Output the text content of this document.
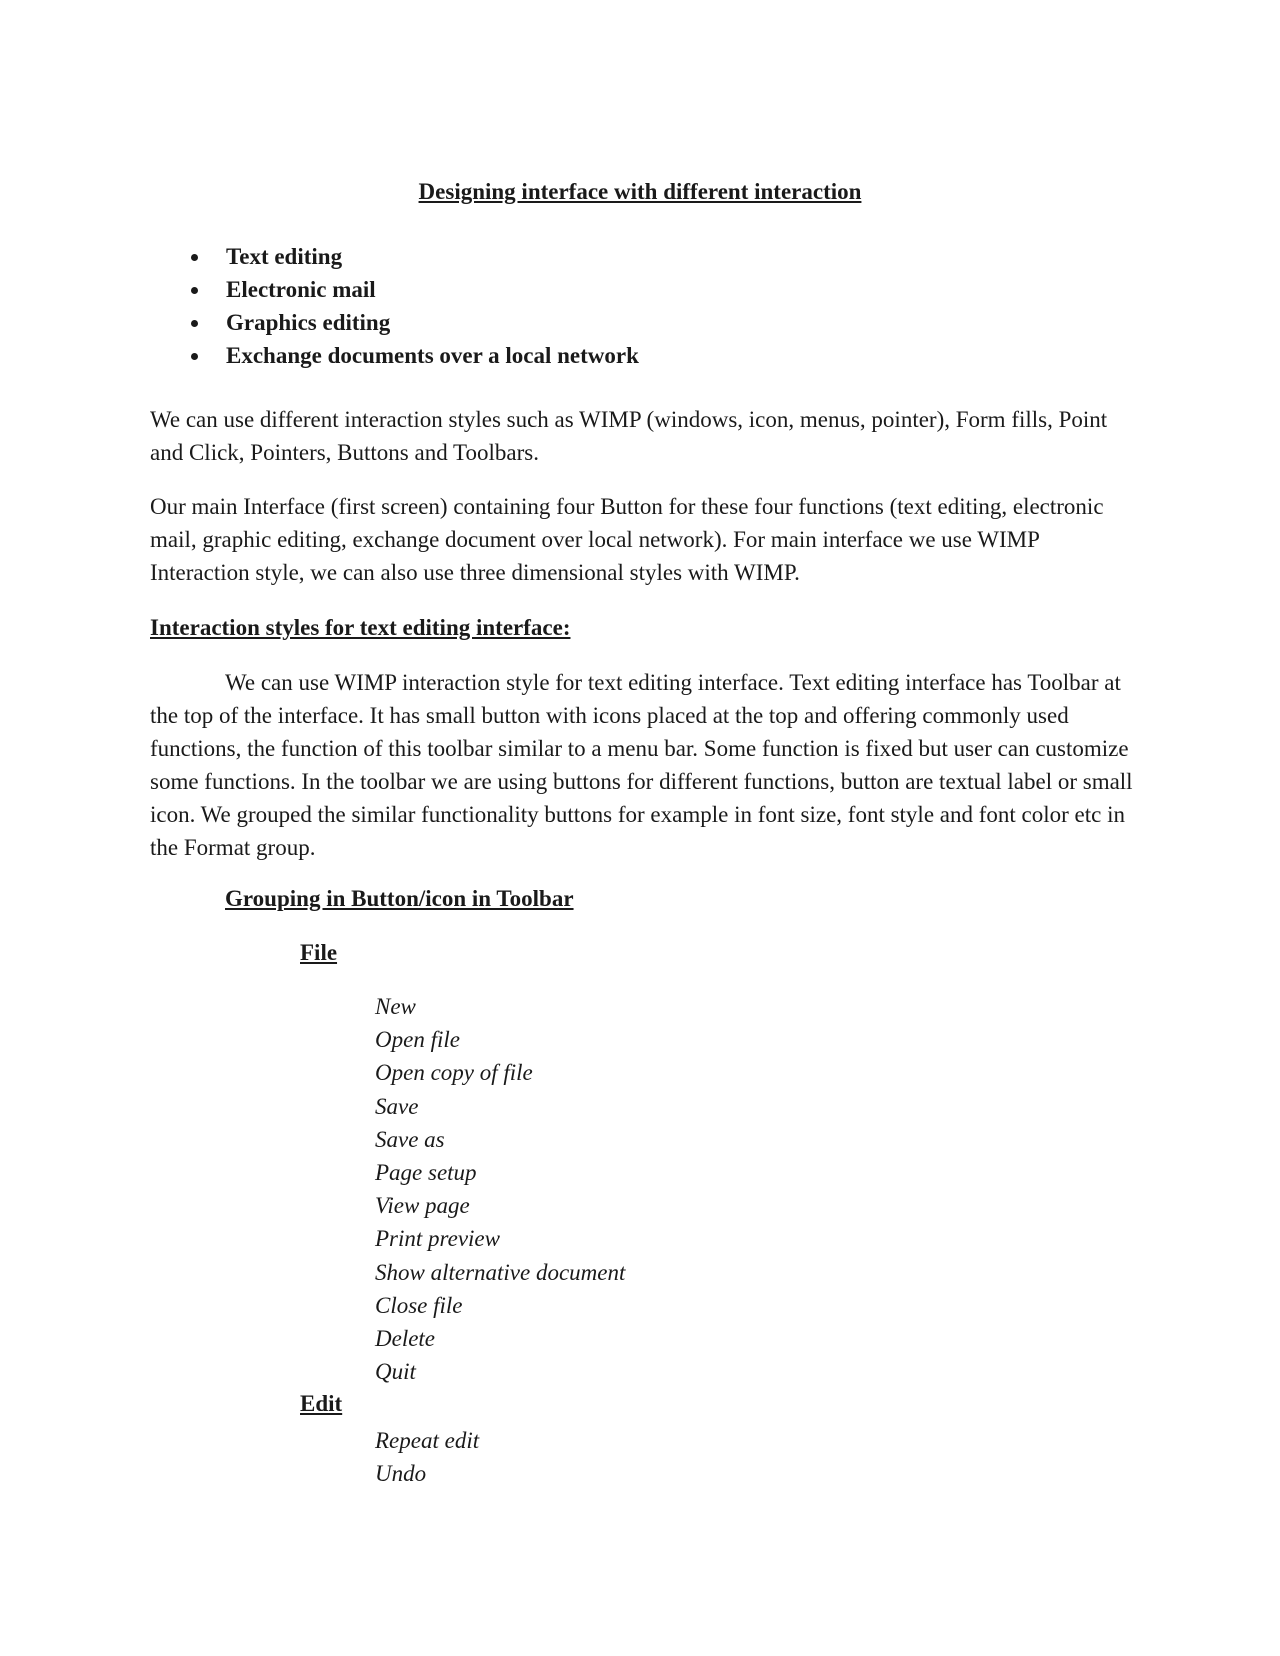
Designing interface with different interaction
Text editing
Electronic mail
Graphics editing
Exchange documents over a local network

We can use different interaction styles such as WIMP (windows, icon, menus, pointer), Form fills, Point and Click, Pointers, Buttons and Toolbars.

Our main Interface (first screen) containing four Button for these four functions (text editing, electronic mail, graphic editing, exchange document over local network). For main interface we use WIMP Interaction style, we can also use three dimensional styles with WIMP.

Interaction styles for text editing interface:

We can use WIMP interaction style for text editing interface. Text editing interface has Toolbar at the top of the interface. It has small button with icons placed at the top and offering commonly used functions, the function of this toolbar similar to a menu bar. Some function is fixed but user can customize some functions. In the toolbar we are using buttons for different functions, button are textual label or small icon. We grouped the similar functionality buttons for example in font size, font style and font color etc in the Format group.

Grouping in Button/icon in Toolbar
File
New
Open file
Open copy of file
Save
Save as
Page setup
View page
Print preview
Show alternative document
Close file
Delete
Quit
Edit
Repeat edit
Undo
